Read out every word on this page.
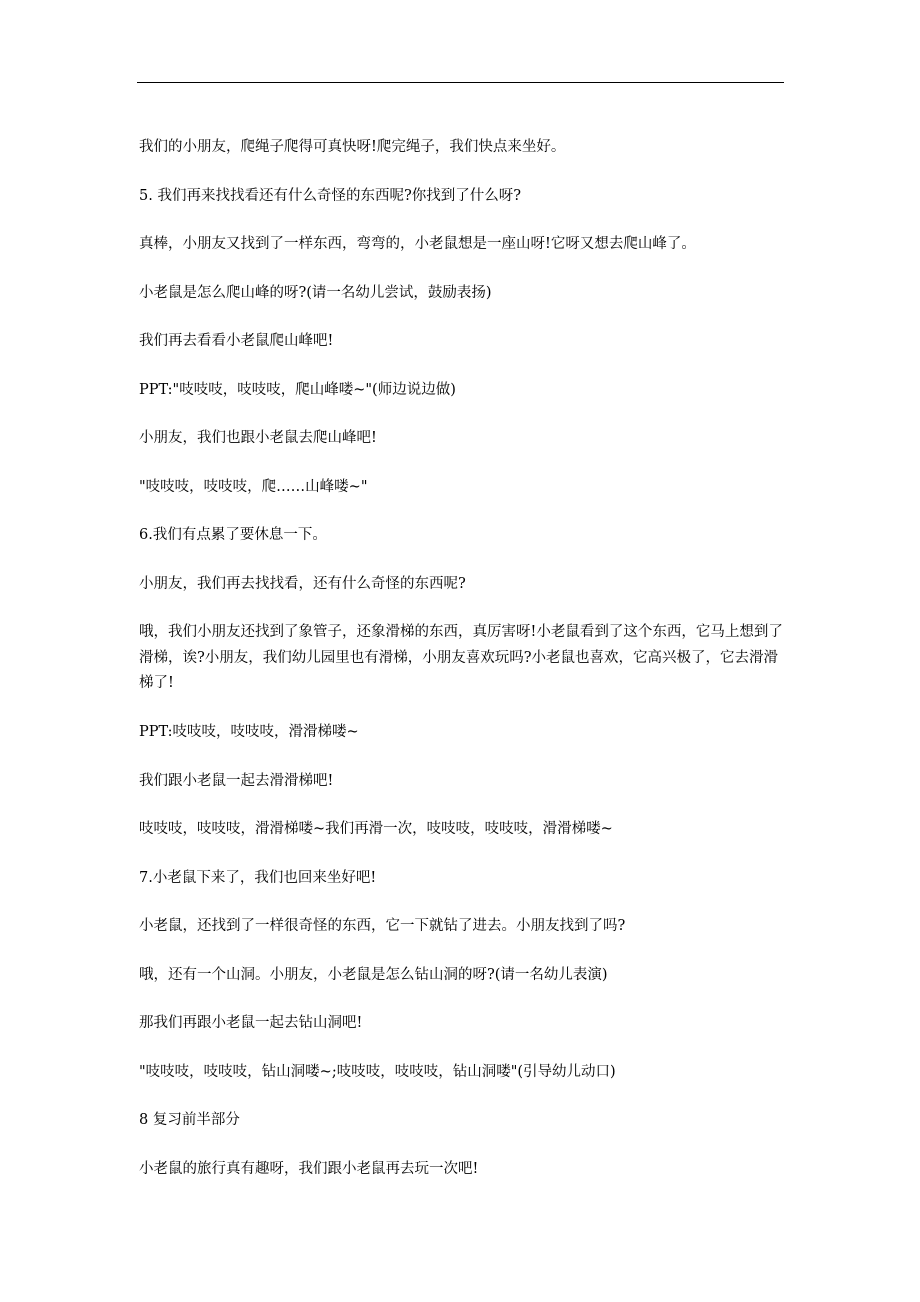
我们的小朋友，爬绳子爬得可真快呀!爬完绳子，我们快点来坐好。

5. 我们再来找找看还有什么奇怪的东西呢?你找到了什么呀?

真棒，小朋友又找到了一样东西，弯弯的，小老鼠想是一座山呀!它呀又想去爬山峰了。

小老鼠是怎么爬山峰的呀?(请一名幼儿尝试，鼓励表扬)

我们再去看看小老鼠爬山峰吧!

PPT:"吱吱吱，吱吱吱，爬山峰喽~"(师边说边做)

小朋友，我们也跟小老鼠去爬山峰吧!

"吱吱吱，吱吱吱，爬……山峰喽~"

6.我们有点累了要休息一下。

小朋友，我们再去找找看，还有什么奇怪的东西呢?

哦，我们小朋友还找到了象管子，还象滑梯的东西，真厉害呀!小老鼠看到了这个东西，它马上想到了滑梯，诶?小朋友，我们幼儿园里也有滑梯，小朋友喜欢玩吗?小老鼠也喜欢，它高兴极了，它去滑滑梯了!

PPT:吱吱吱，吱吱吱，滑滑梯喽~

我们跟小老鼠一起去滑滑梯吧!

吱吱吱，吱吱吱，滑滑梯喽~我们再滑一次，吱吱吱，吱吱吱，滑滑梯喽~

7.小老鼠下来了，我们也回来坐好吧!

小老鼠，还找到了一样很奇怪的东西，它一下就钻了进去。小朋友找到了吗?

哦，还有一个山洞。小朋友，小老鼠是怎么钻山洞的呀?(请一名幼儿表演)

那我们再跟小老鼠一起去钻山洞吧!

"吱吱吱，吱吱吱，钻山洞喽~;吱吱吱，吱吱吱，钻山洞喽"(引导幼儿动口)

8 复习前半部分

小老鼠的旅行真有趣呀，我们跟小老鼠再去玩一次吧!
